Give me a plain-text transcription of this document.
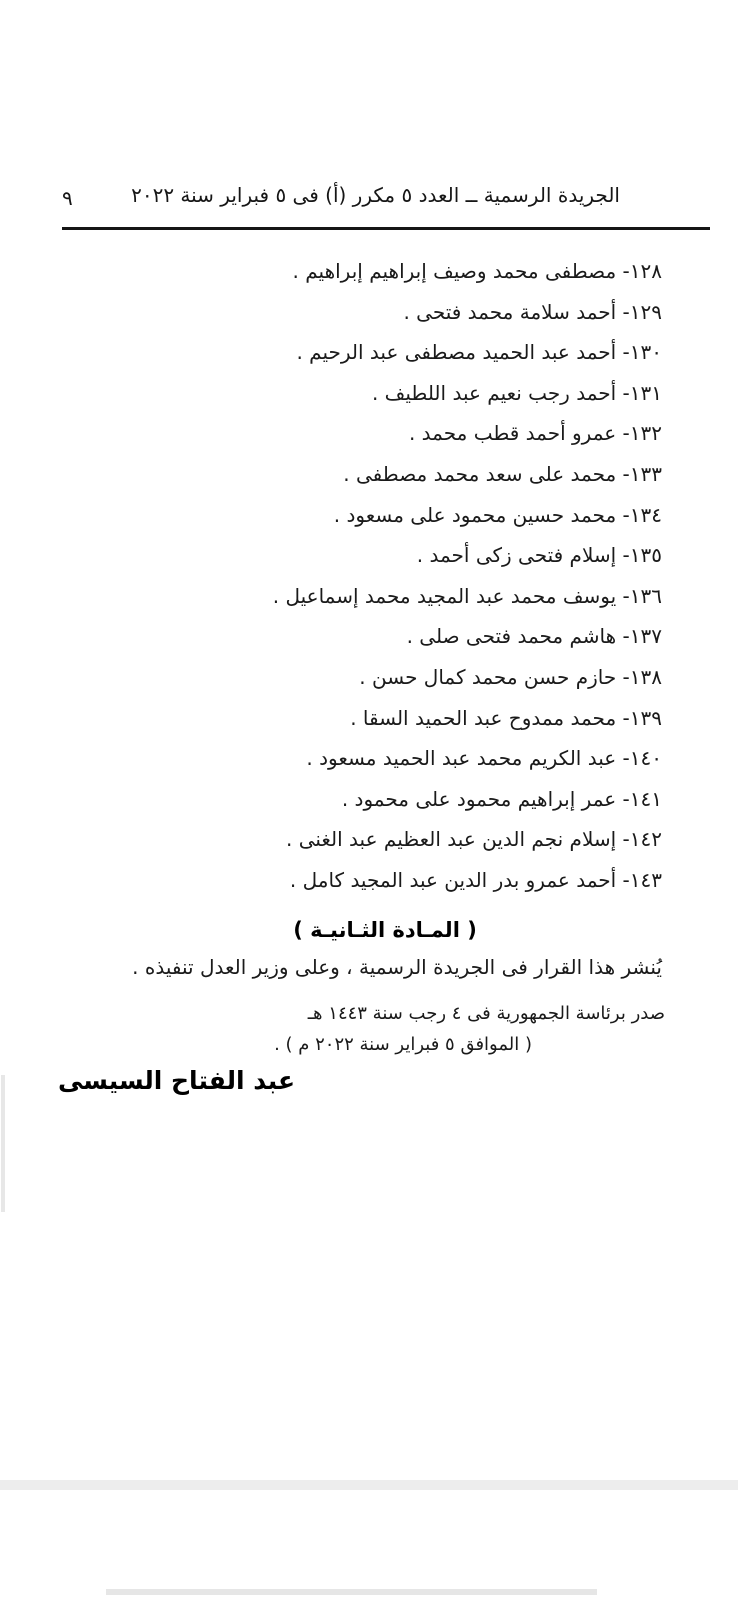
الجريدة الرسمية ــ العدد ٥ مكرر (أ) فى ٥ فبراير سنة ٢٠٢٢
٩
١٢٨- مصطفى محمد وصيف إبراهيم إبراهيم .
١٢٩- أحمد سلامة محمد فتحى .
١٣٠- أحمد عبد الحميد مصطفى عبد الرحيم .
١٣١- أحمد رجب نعيم عبد اللطيف .
١٣٢- عمرو أحمد قطب محمد .
١٣٣- محمد على سعد محمد مصطفى .
١٣٤- محمد حسين محمود على مسعود .
١٣٥- إسلام فتحى زكى أحمد .
١٣٦- يوسف محمد عبد المجيد محمد إسماعيل .
١٣٧- هاشم محمد فتحى صلى .
١٣٨- حازم حسن محمد كمال حسن .
١٣٩- محمد ممدوح عبد الحميد السقا .
١٤٠- عبد الكريم محمد عبد الحميد مسعود .
١٤١- عمر إبراهيم محمود على محمود .
١٤٢- إسلام نجم الدين عبد العظيم عبد الغنى .
١٤٣- أحمد عمرو بدر الدين عبد المجيد كامل .
( المـادة الثـانيـة )
يُنشر هذا القرار فى الجريدة الرسمية ، وعلى وزير العدل تنفيذه .
صدر برئاسة الجمهورية فى ٤ رجب سنة ١٤٤٣ هـ
( الموافق ٥ فبراير سنة ٢٠٢٢ م ) .
عبد الفتاح السيسى
